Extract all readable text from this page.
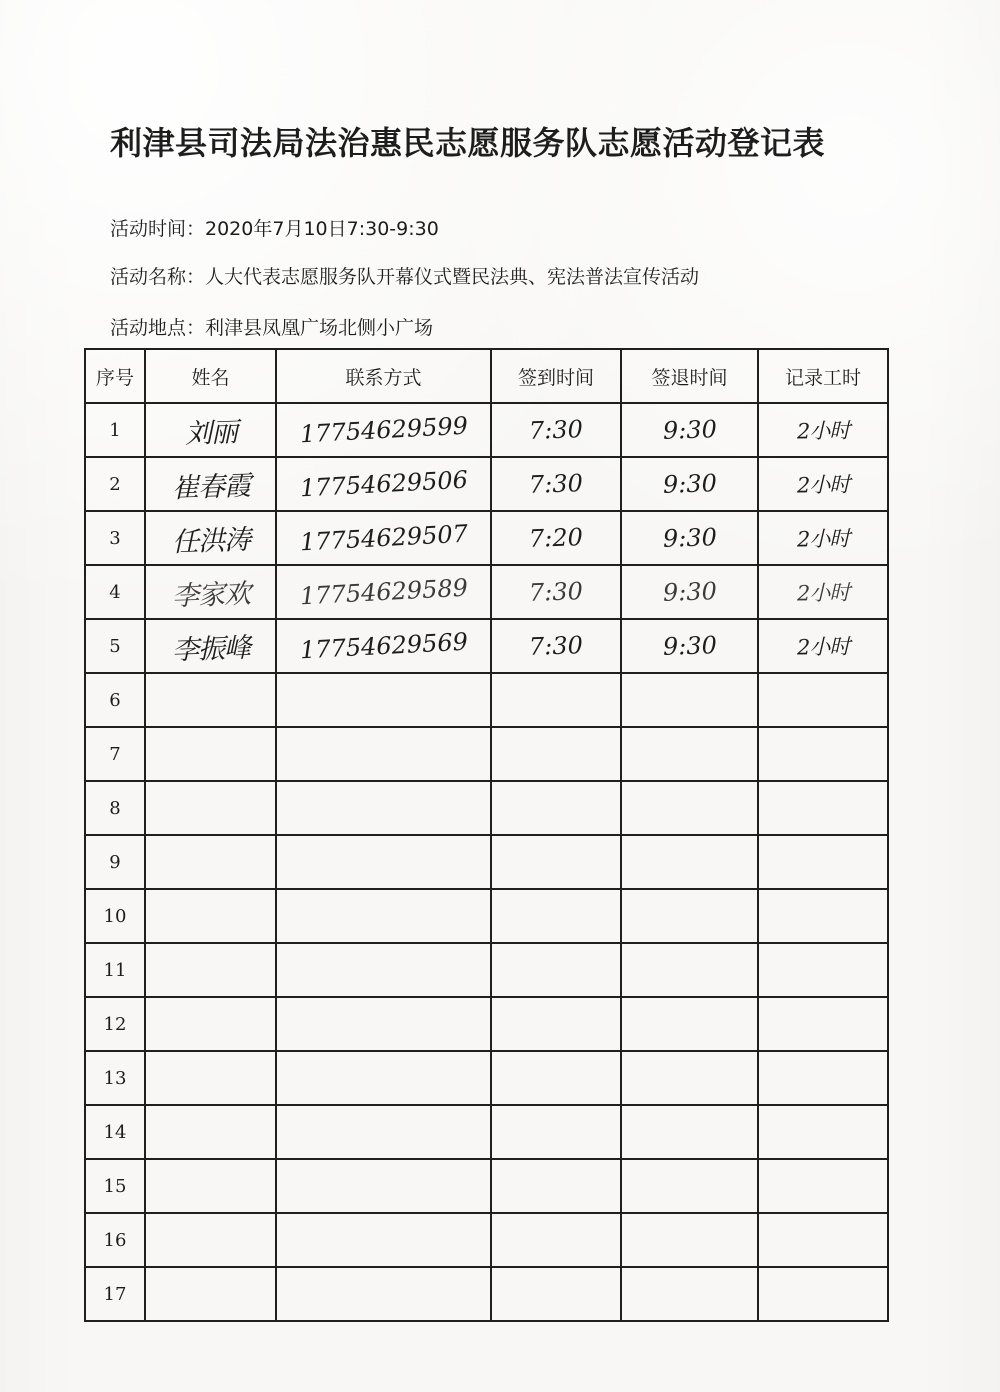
利津县司法局法治惠民志愿服务队志愿活动登记表
活动时间：2020年7月10日7:30-9:30
活动名称：人大代表志愿服务队开幕仪式暨民法典、宪法普法宣传活动
活动地点：利津县凤凰广场北侧小广场
序号	姓名	联系方式	签到时间	签退时间	记录工时
1	刘丽	17754629599	7:30	9:30	2小时
2	崔春霞	17754629506	7:30	9:30	2小时
3	任洪涛	17754629507	7:20	9:30	2小时
4	李家欢	17754629589	7:30	9:30	2小时
5	李振峰	17754629569	7:30	9:30	2小时
6					
7					
8					
9					
10					
11					
12					
13					
14					
15					
16					
17					
